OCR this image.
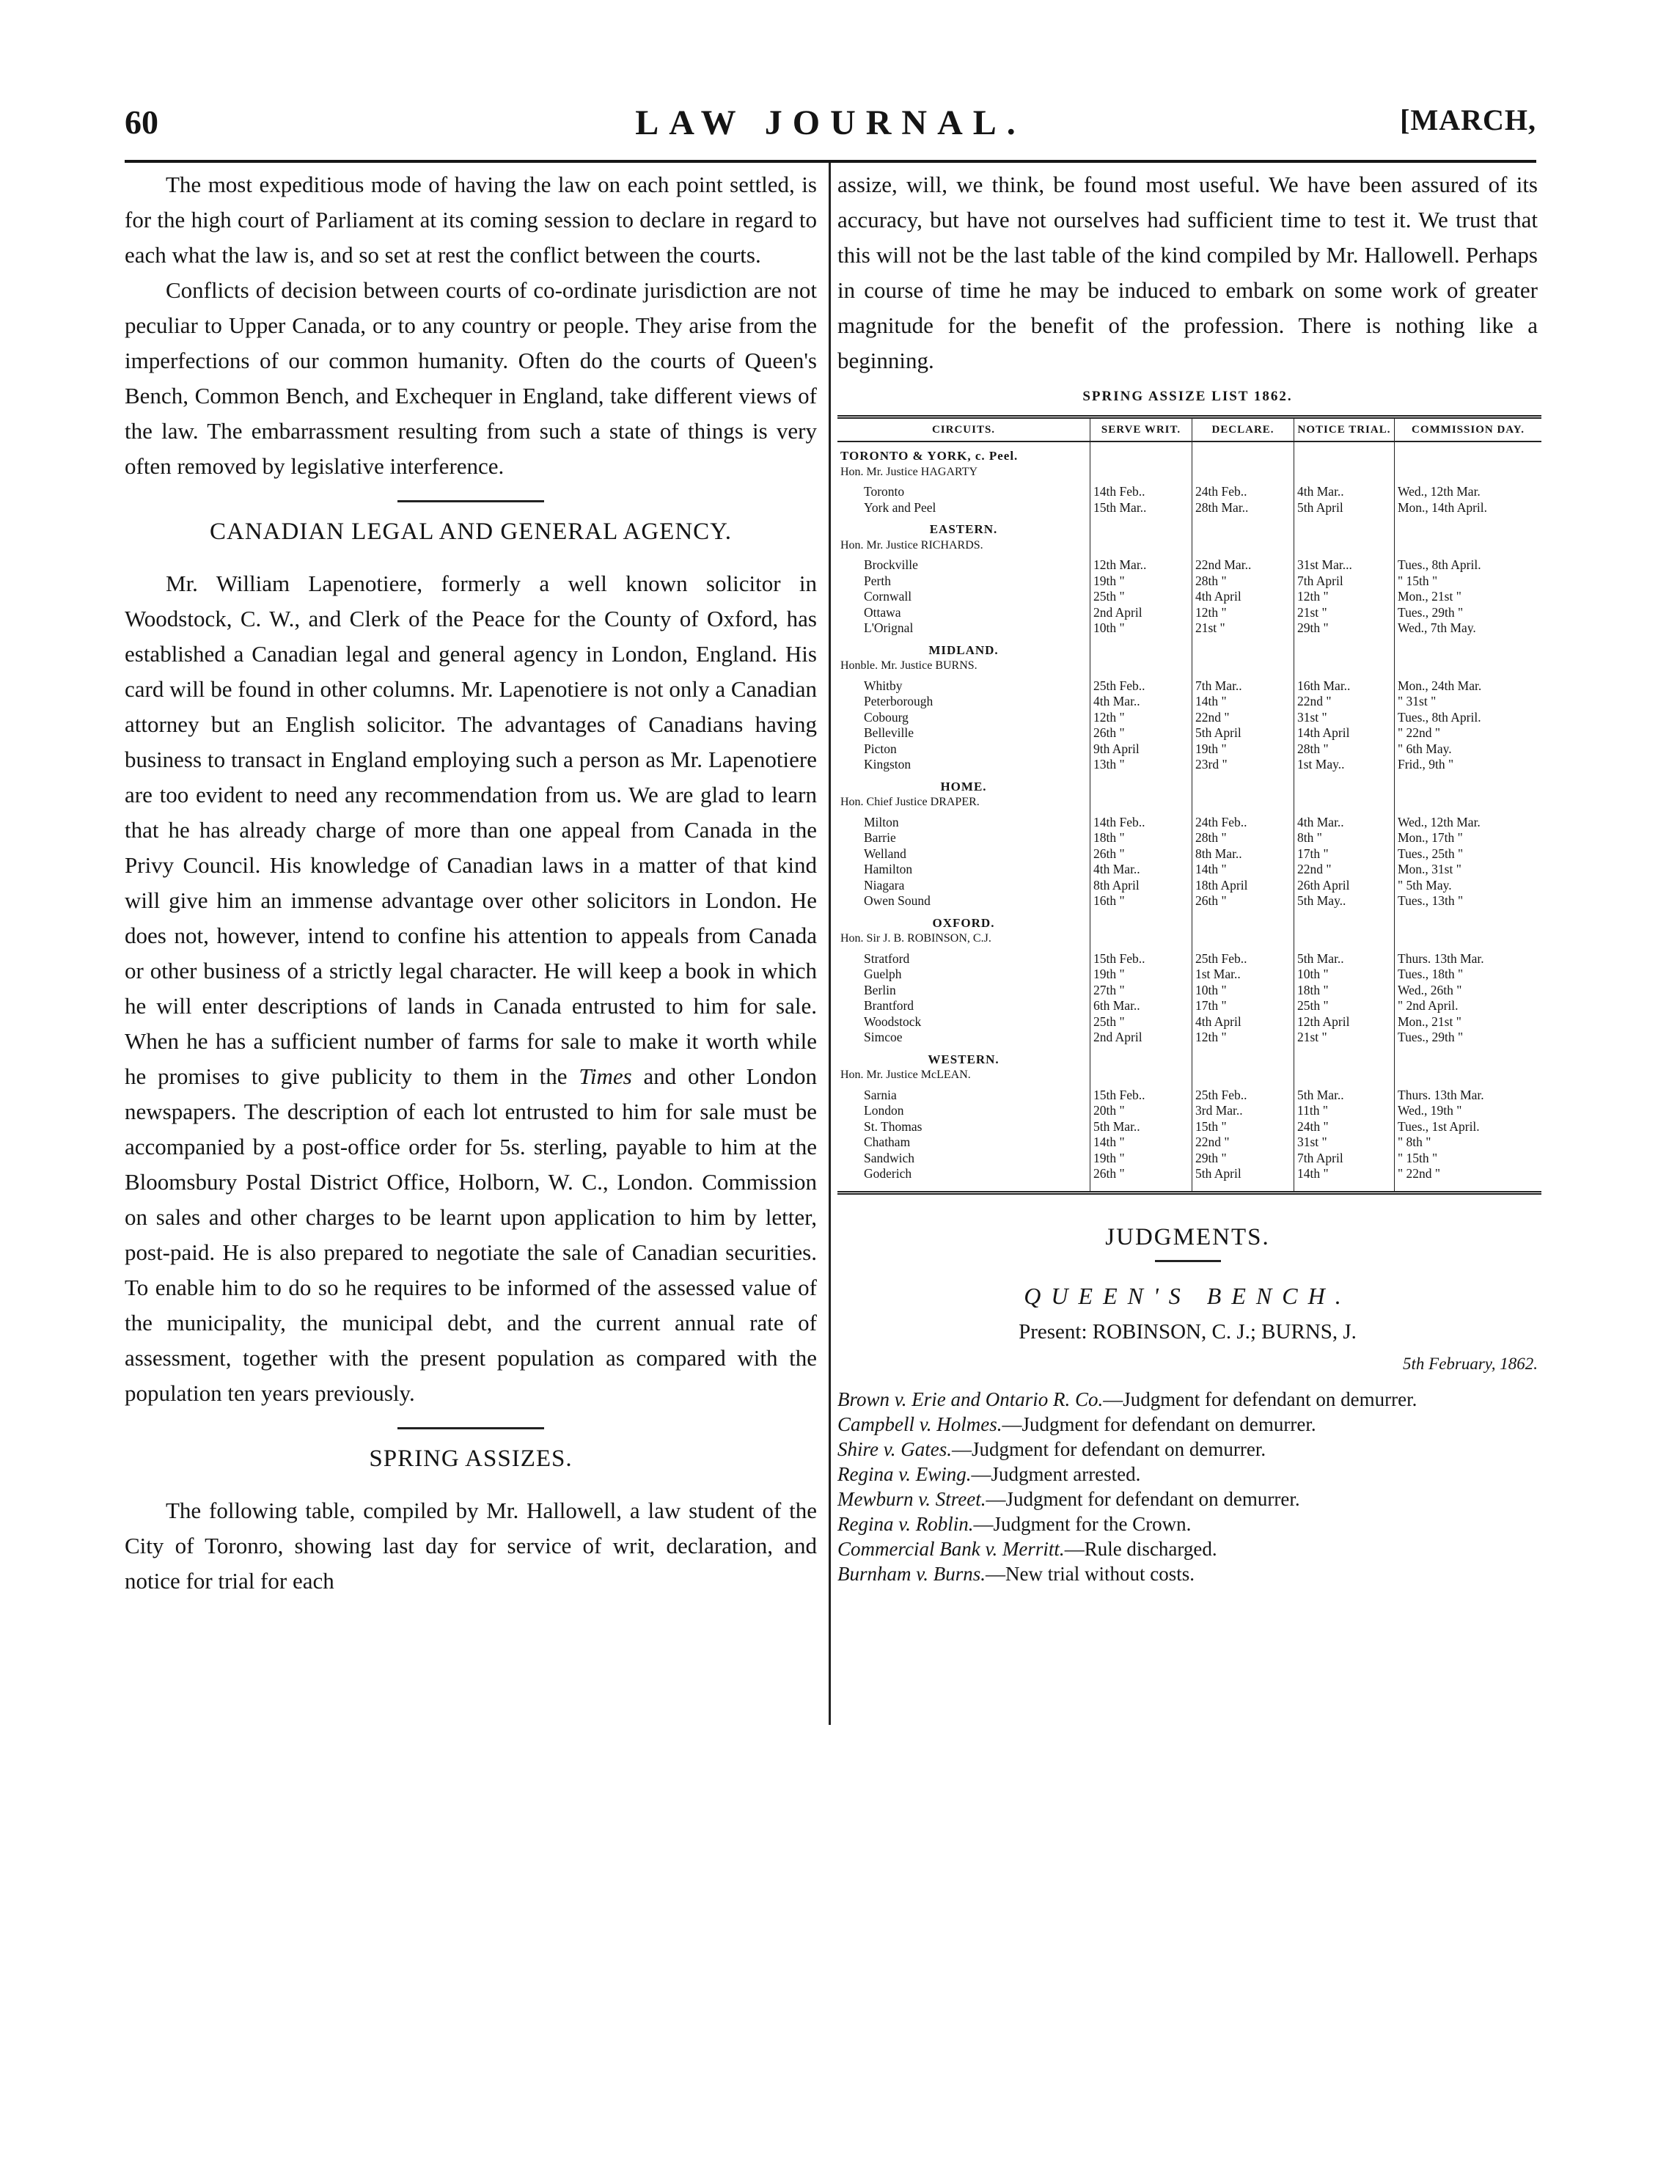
60	LAW JOURNAL.	[MARCH,

The most expeditious mode of having the law on each point settled, is for the high court of Parliament at its coming session to declare in regard to each what the law is, and so set at rest the conflict between the courts.

Conflicts of decision between courts of co-ordinate jurisdiction are not peculiar to Upper Canada, or to any country or people. They arise from the imperfections of our common humanity. Often do the courts of Queen's Bench, Common Bench, and Exchequer in England, take different views of the law. The embarrassment resulting from such a state of things is very often removed by legislative interference.

CANADIAN LEGAL AND GENERAL AGENCY.

Mr. William Lapenotiere, formerly a well known solicitor in Woodstock, C. W., and Clerk of the Peace for the County of Oxford, has established a Canadian legal and general agency in London, England. His card will be found in other columns. Mr. Lapenotiere is not only a Canadian attorney but an English solicitor. The advantages of Canadians having business to transact in England employing such a person as Mr. Lapenotiere are too evident to need any recommendation from us. We are glad to learn that he has already charge of more than one appeal from Canada in the Privy Council. His knowledge of Canadian laws in a matter of that kind will give him an immense advantage over other solicitors in London. He does not, however, intend to confine his attention to appeals from Canada or other business of a strictly legal character. He will keep a book in which he will enter descriptions of lands in Canada entrusted to him for sale. When he has a sufficient number of farms for sale to make it worth while he promises to give publicity to them in the Times and other London newspapers. The description of each lot entrusted to him for sale must be accompanied by a post-office order for 5s. sterling, payable to him at the Bloomsbury Postal District Office, Holborn, W. C., London. Commission on sales and other charges to be learnt upon application to him by letter, post-paid. He is also prepared to negotiate the sale of Canadian securities. To enable him to do so he requires to be informed of the assessed value of the municipality, the municipal debt, and the current annual rate of assessment, together with the present population as compared with the population ten years previously.

SPRING ASSIZES.

The following table, compiled by Mr. Hallowell, a law student of the City of Toronro, showing last day for service of writ, declaration, and notice for trial for each

assize, will, we think, be found most useful. We have been assured of its accuracy, but have not ourselves had sufficient time to test it. We trust that this will not be the last table of the kind compiled by Mr. Hallowell. Perhaps in course of time he may be induced to embark on some work of greater magnitude for the benefit of the profession. There is nothing like a beginning.

SPRING ASSIZE LIST 1862.
CIRCUITS.	SERVE WRIT.	DECLARE.	NOTICE TRIAL.	COMMISSION DAY.
TORONTO & YORK, c. Peel.				
Hon. Mr. Justice HAGARTY				
Toronto	14th Feb..	24th Feb..	4th Mar..	Wed., 12th Mar.
York and Peel	15th Mar..	28th Mar..	5th April	Mon., 14th April.
EASTERN.				
Hon. Mr. Justice RICHARDS.				
Brockville	12th Mar..	22nd Mar..	31st Mar...	Tues., 8th April.
Perth	19th "	28th "	7th April	" 15th "
Cornwall	25th "	4th April	12th "	Mon., 21st "
Ottawa	2nd April	12th "	21st "	Tues., 29th "
L'Orignal	10th "	21st "	29th "	Wed., 7th May.
MIDLAND.				
Honble. Mr. Justice BURNS.				
Whitby	25th Feb..	7th Mar..	16th Mar..	Mon., 24th Mar.
Peterborough	4th Mar..	14th "	22nd "	" 31st "
Cobourg	12th "	22nd "	31st "	Tues., 8th April.
Belleville	26th "	5th April	14th April	" 22nd "
Picton	9th April	19th "	28th "	" 6th May.
Kingston	13th "	23rd "	1st May..	Frid., 9th "
HOME.				
Hon. Chief Justice DRAPER.				
Milton	14th Feb..	24th Feb..	4th Mar..	Wed., 12th Mar.
Barrie	18th "	28th "	8th "	Mon., 17th "
Welland	26th "	8th Mar..	17th "	Tues., 25th "
Hamilton	4th Mar..	14th "	22nd "	Mon., 31st "
Niagara	8th April	18th April	26th April	" 5th May.
Owen Sound	16th "	26th "	5th May..	Tues., 13th "
OXFORD.				
Hon. Sir J. B. ROBINSON, C.J.				
Stratford	15th Feb..	25th Feb..	5th Mar..	Thurs. 13th Mar.
Guelph	19th "	1st Mar..	10th "	Tues., 18th "
Berlin	27th "	10th "	18th "	Wed., 26th "
Brantford	6th Mar..	17th "	25th "	" 2nd April.
Woodstock	25th "	4th April	12th April	Mon., 21st "
Simcoe	2nd April	12th "	21st "	Tues., 29th "
WESTERN.				
Hon. Mr. Justice McLEAN.				
Sarnia	15th Feb..	25th Feb..	5th Mar..	Thurs. 13th Mar.
London	20th "	3rd Mar..	11th "	Wed., 19th "
St. Thomas	5th Mar..	15th "	24th "	Tues., 1st April.
Chatham	14th "	22nd "	31st "	" 8th "
Sandwich	19th "	29th "	7th April	" 15th "
Goderich	26th "	5th April	14th "	" 22nd "

JUDGMENTS.
QUEEN'S BENCH.
Present: ROBINSON, C. J.; BURNS, J.
5th February, 1862.

Brown v. Erie and Ontario R. Co.—Judgment for defendant on demurrer.

Campbell v. Holmes.—Judgment for defendant on demurrer.

Shire v. Gates.—Judgment for defendant on demurrer.

Regina v. Ewing.—Judgment arrested.

Mewburn v. Street.—Judgment for defendant on demurrer.

Regina v. Roblin.—Judgment for the Crown.

Commercial Bank v. Merritt.—Rule discharged.

Burnham v. Burns.—New trial without costs.
